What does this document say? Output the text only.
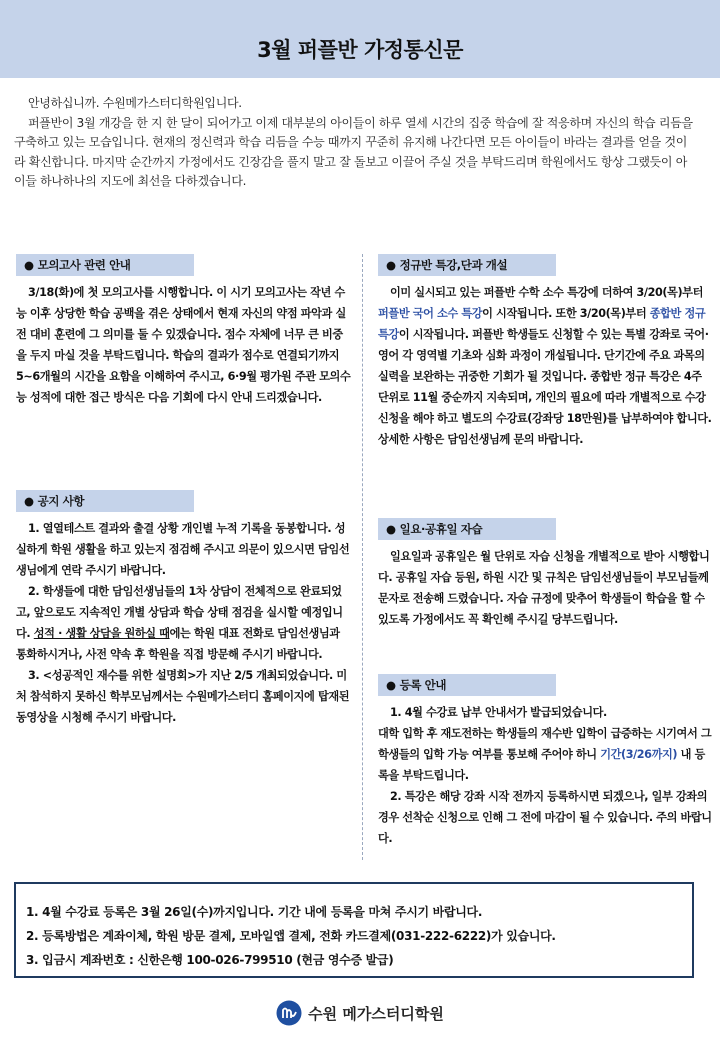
3월 퍼플반 가정통신문

안녕하십니까. 수원메가스터디학원입니다.

퍼플반이 3월 개강을 한 지 한 달이 되어가고 이제 대부분의 아이들이 하루 열세 시간의 집중 학습에 잘 적응하며 자신의 학습 리듬을 구축하고 있는 모습입니다. 현재의 정신력과 학습 리듬을 수능 때까지 꾸준히 유지해 나간다면 모든 아이들이 바라는 결과를 얻을 것이라 확신합니다. 마지막 순간까지 가정에서도 긴장감을 풀지 말고 잘 돌보고 이끌어 주실 것을 부탁드리며 학원에서도 항상 그랬듯이 아이들 하나하나의 지도에 최선을 다하겠습니다.

● 모의고사 관련 안내

3/18(화)에 첫 모의고사를 시행합니다. 이 시기 모의고사는 작년 수능 이후 상당한 학습 공백을 겪은 상태에서 현재 자신의 약점 파악과 실전 대비 훈련에 그 의미를 둘 수 있겠습니다. 점수 자체에 너무 큰 비중을 두지 마실 것을 부탁드립니다. 학습의 결과가 점수로 연결되기까지 5~6개월의 시간을 요함을 이해하여 주시고, 6·9월 평가원 주관 모의수능 성적에 대한 접근 방식은 다음 기회에 다시 안내 드리겠습니다.

● 공지 사항

1. 열열테스트 결과와 출결 상황 개인별 누적 기록을 동봉합니다. 성실하게 학원 생활을 하고 있는지 점검해 주시고 의문이 있으시면 담임선생님에게 연락 주시기 바랍니다.

2. 학생들에 대한 담임선생님들의 1차 상담이 전체적으로 완료되었고, 앞으로도 지속적인 개별 상담과 학습 상태 점검을 실시할 예정입니다. 성적 · 생활 상담을 원하실 때에는 학원 대표 전화로 담임선생님과 통화하시거나, 사전 약속 후 학원을 직접 방문해 주시기 바랍니다.

3. <성공적인 재수를 위한 설명회>가 지난 2/5 개최되었습니다. 미처 참석하지 못하신 학부모님께서는 수원메가스터디 홈페이지에 탑재된 동영상을 시청해 주시기 바랍니다.

● 정규반 특강,단과 개설

이미 실시되고 있는 퍼플반 수학 소수 특강에 더하여 3/20(목)부터 퍼플반 국어 소수 특강이 시작됩니다. 또한 3/20(목)부터 종합반 정규 특강이 시작됩니다. 퍼플반 학생들도 신청할 수 있는 특별 강좌로 국어·영어 각 영역별 기초와 심화 과정이 개설됩니다. 단기간에 주요 과목의 실력을 보완하는 귀중한 기회가 될 것입니다. 종합반 정규 특강은 4주 단위로 11월 중순까지 지속되며, 개인의 필요에 따라 개별적으로 수강 신청을 해야 하고 별도의 수강료(강좌당 18만원)를 납부하여야 합니다. 상세한 사항은 담임선생님께 문의 바랍니다.

● 일요·공휴일 자습

일요일과 공휴일은 월 단위로 자습 신청을 개별적으로 받아 시행합니다. 공휴일 자습 등원, 하원 시간 및 규칙은 담임선생님들이 부모님들께 문자로 전송해 드렸습니다. 자습 규정에 맞추어 학생들이 학습을 할 수 있도록 가정에서도 꼭 확인해 주시길 당부드립니다.

● 등록 안내

1. 4월 수강료 납부 안내서가 발급되었습니다.

대학 입학 후 재도전하는 학생들의 재수반 입학이 급증하는 시기여서 그 학생들의 입학 가능 여부를 통보해 주어야 하니 기간(3/26까지) 내 등록을 부탁드립니다.

2. 특강은 해당 강좌 시작 전까지 등록하시면 되겠으나, 일부 강좌의 경우 선착순 신청으로 인해 그 전에 마감이 될 수 있습니다. 주의 바랍니다.

1. 4월 수강료 등록은 3월 26일(수)까지입니다. 기간 내에 등록을 마쳐 주시기 바랍니다.
2. 등록방법은 계좌이체, 학원 방문 결제, 모바일앱 결제, 전화 카드결제(031-222-6222)가 있습니다.
3. 입금시 계좌번호 : 신한은행 100-026-799510 (현금 영수증 발급)
수원 메가스터디학원
